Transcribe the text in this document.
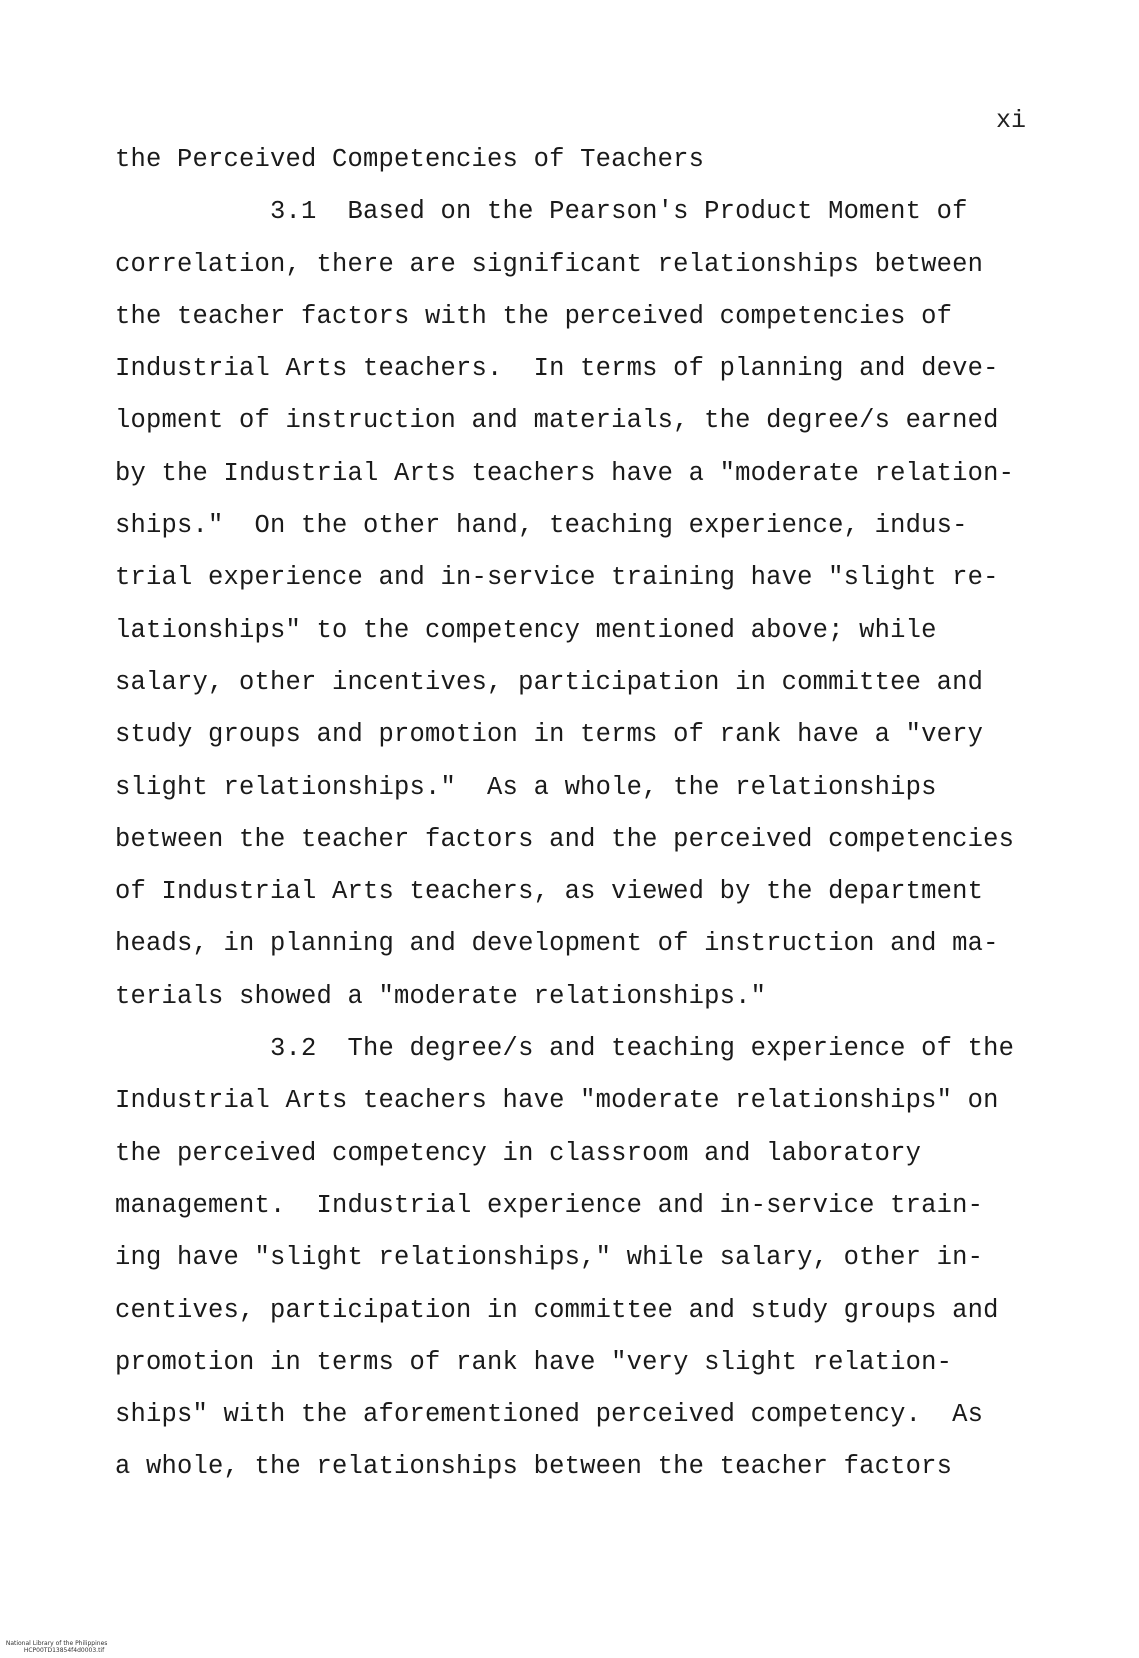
xi
the Perceived Competencies of Teachers
3.1  Based on the Pearson's Product Moment of
correlation, there are significant relationships between
the teacher factors with the perceived competencies of
Industrial Arts teachers.  In terms of planning and deve-
lopment of instruction and materials, the degree/s earned
by the Industrial Arts teachers have a "moderate relation-
ships."  On the other hand, teaching experience, indus-
trial experience and in-service training have "slight re-
lationships" to the competency mentioned above; while
salary, other incentives, participation in committee and
study groups and promotion in terms of rank have a "very
slight relationships."  As a whole, the relationships
between the teacher factors and the perceived competencies
of Industrial Arts teachers, as viewed by the department
heads, in planning and development of instruction and ma-
terials showed a "moderate relationships."
3.2  The degree/s and teaching experience of the
Industrial Arts teachers have "moderate relationships" on
the perceived competency in classroom and laboratory
management.  Industrial experience and in-service train-
ing have "slight relationships," while salary, other in-
centives, participation in committee and study groups and
promotion in terms of rank have "very slight relation-
ships" with the aforementioned perceived competency.  As
a whole, the relationships between the teacher factors

National Library of the Philippines
HCP00TD13854f4d0003.tif
